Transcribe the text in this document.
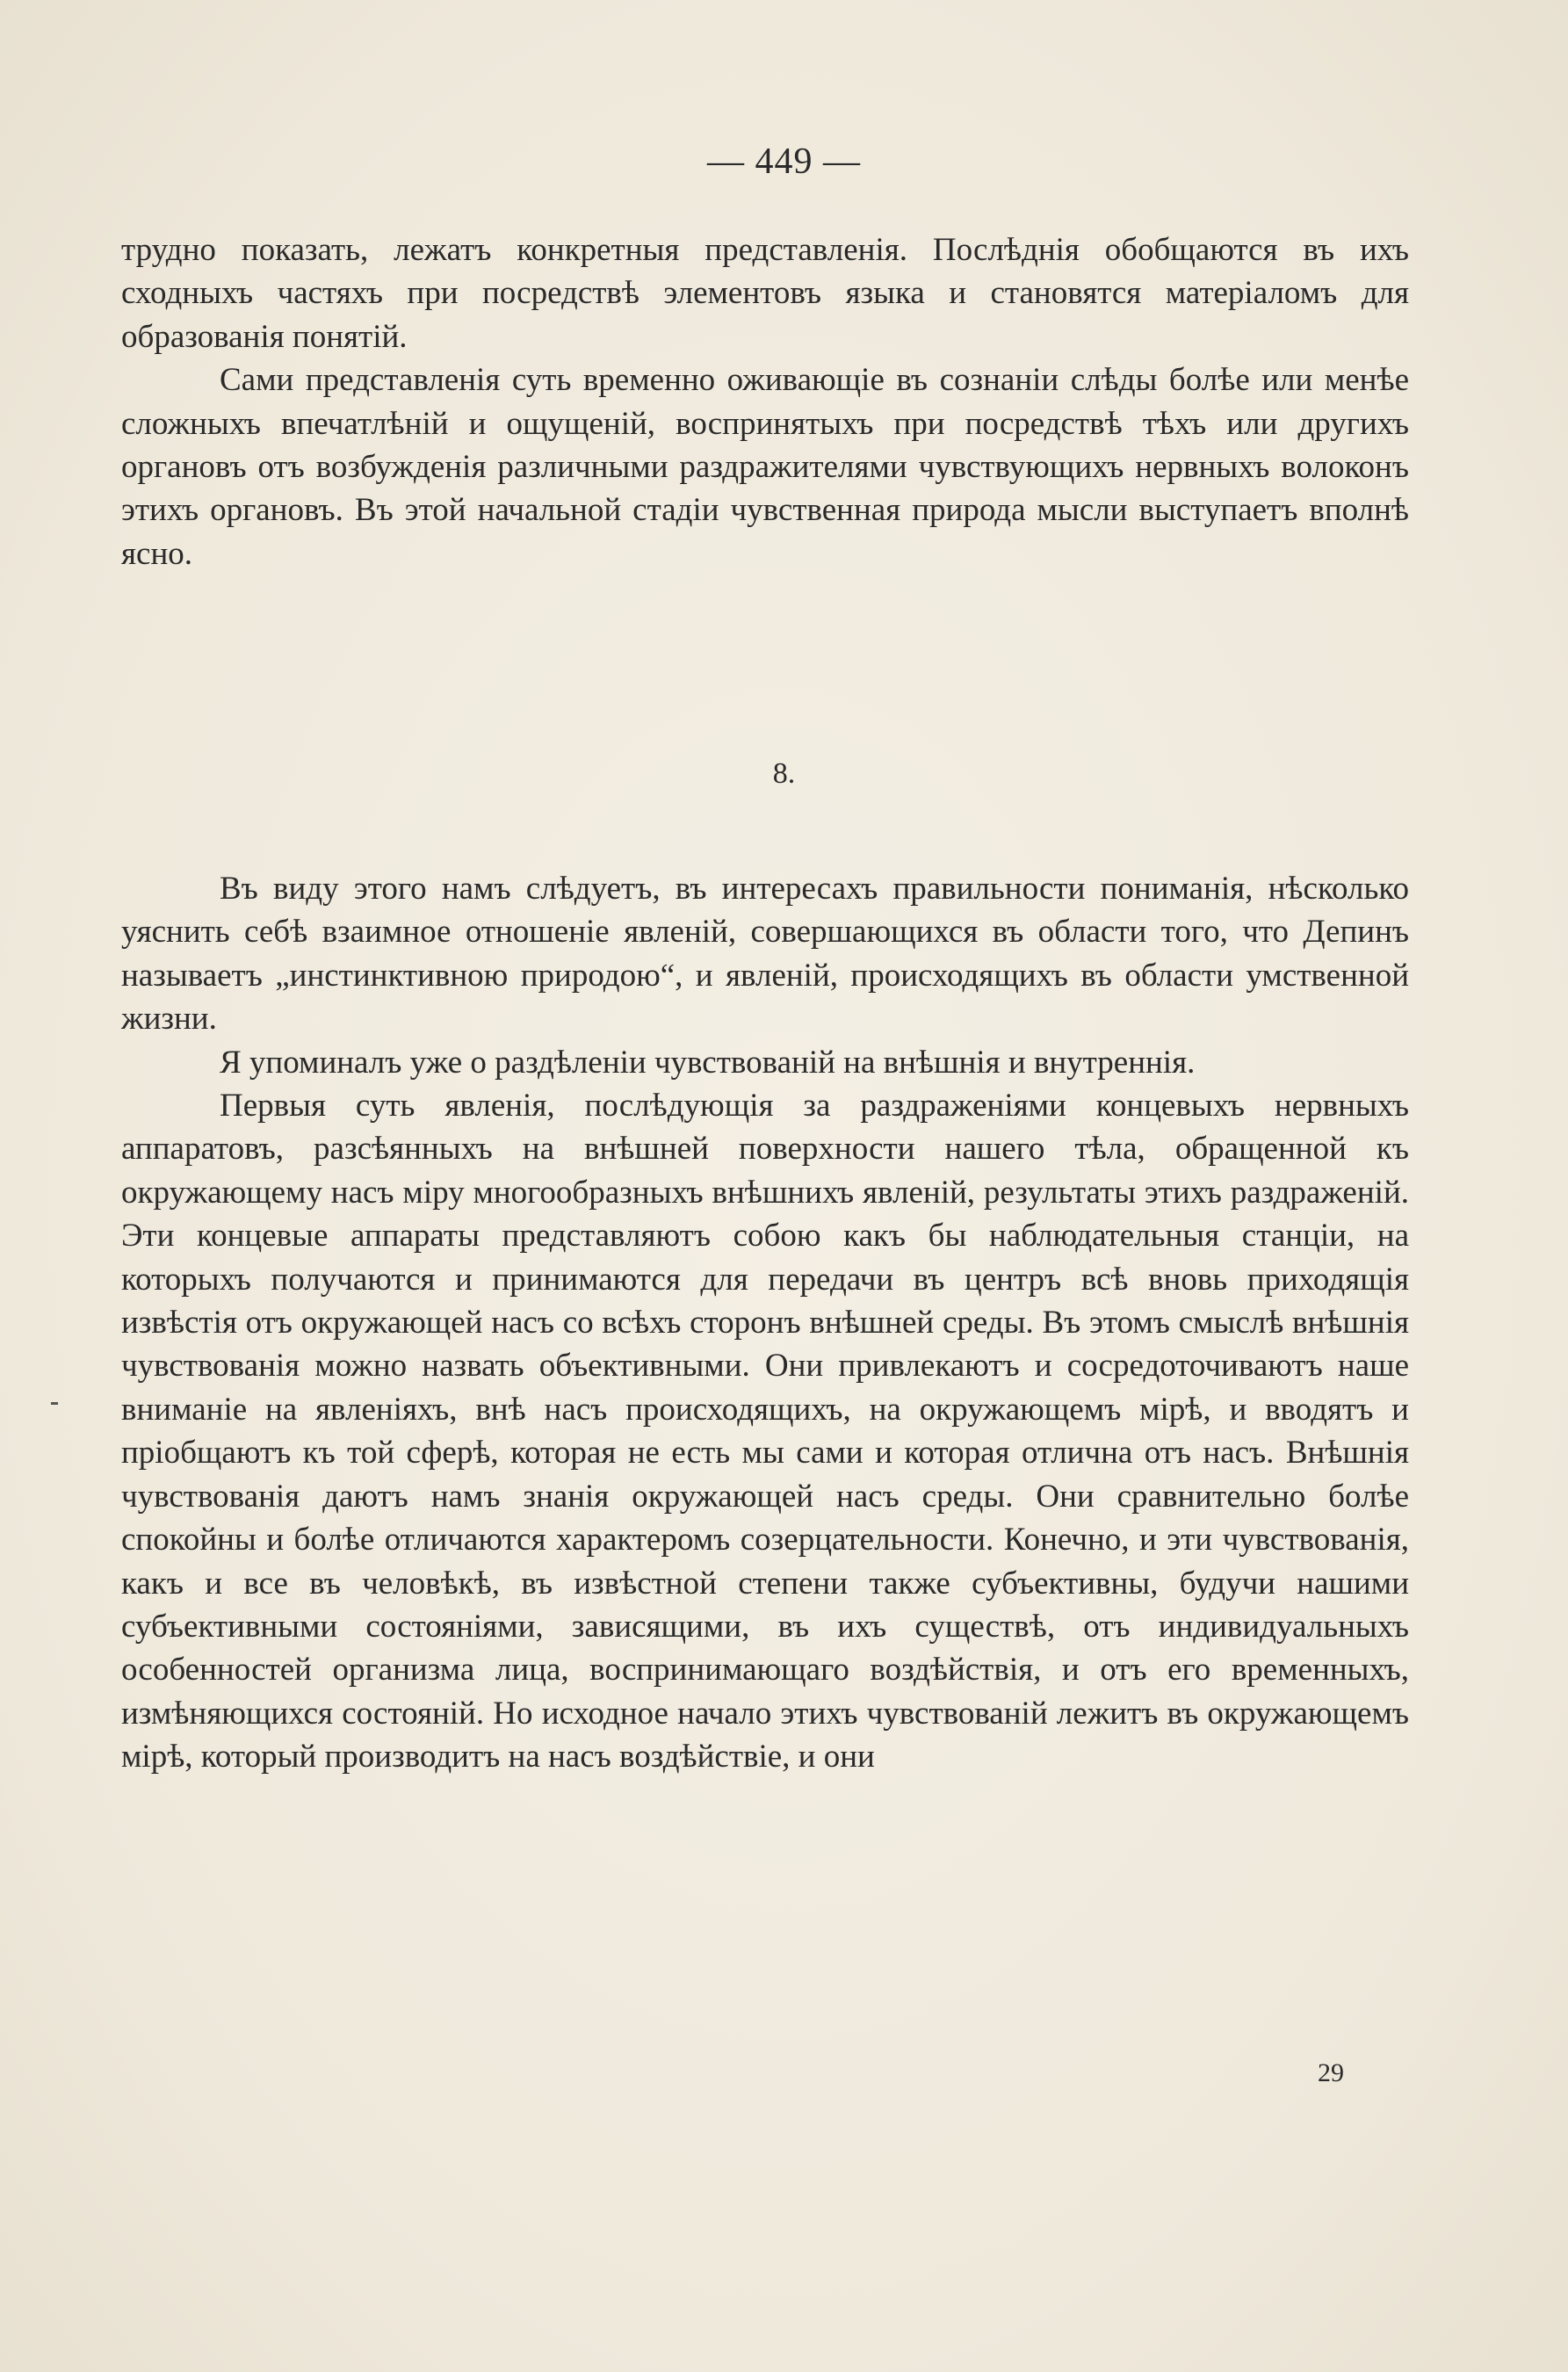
— 449 —

трудно показать, лежатъ конкретныя представленія. Послѣднія обобщаются въ ихъ сходныхъ частяхъ при посредствѣ элементовъ языка и становятся матеріаломъ для образованія понятій.

Сами представленія суть временно оживающіе въ сознаніи слѣды болѣе или менѣе сложныхъ впечатлѣній и ощущеній, воспринятыхъ при посредствѣ тѣхъ или другихъ органовъ отъ возбужденія различными раздражителями чувствующихъ нервныхъ волоконъ этихъ органовъ. Въ этой начальной стадіи чувственная природа мысли выступаетъ вполнѣ ясно.

8.

Въ виду этого намъ слѣдуетъ, въ интересахъ правильности пониманія, нѣсколько уяснить себѣ взаимное отношеніе явленій, совершающихся въ области того, что Депинъ называетъ „инстинктивною природою“, и явленій, происходящихъ въ области умственной жизни.

Я упоминалъ уже о раздѣленіи чувствованій на внѣшнія и внутреннія.

Первыя суть явленія, послѣдующія за раздраженіями концевыхъ нервныхъ аппаратовъ, разсѣянныхъ на внѣшней поверхности нашего тѣла, обращенной къ окружающему насъ міру многообразныхъ внѣшнихъ явленій, результаты этихъ раздраженій. Эти концевые аппараты представляютъ собою какъ бы наблюдательныя станціи, на которыхъ получаются и принимаются для передачи въ центръ всѣ вновь приходящія извѣстія отъ окружающей насъ со всѣхъ сторонъ внѣшней среды. Въ этомъ смыслѣ внѣшнія чувствованія можно назвать объективными. Они привлекаютъ и сосредоточиваютъ наше вниманіе на явленіяхъ, внѣ насъ происходящихъ, на окружающемъ мірѣ, и вводятъ и пріобщаютъ къ той сферѣ, которая не есть мы сами и которая отлична отъ насъ. Внѣшнія чувствованія даютъ намъ знанія окружающей насъ среды. Они сравнительно болѣе спокойны и болѣе отличаются характеромъ созерцательности. Конечно, и эти чувствованія, какъ и все въ человѣкѣ, въ извѣстной степени также субъективны, будучи нашими субъективными состояніями, зависящими, въ ихъ существѣ, отъ индивидуальныхъ особенностей организма лица, воспринимающаго воздѣйствія, и отъ его временныхъ, измѣняющихся состояній. Но исходное начало этихъ чувствованій лежитъ въ окружающемъ мірѣ, который производитъ на насъ воздѣйствіе, и они

29
